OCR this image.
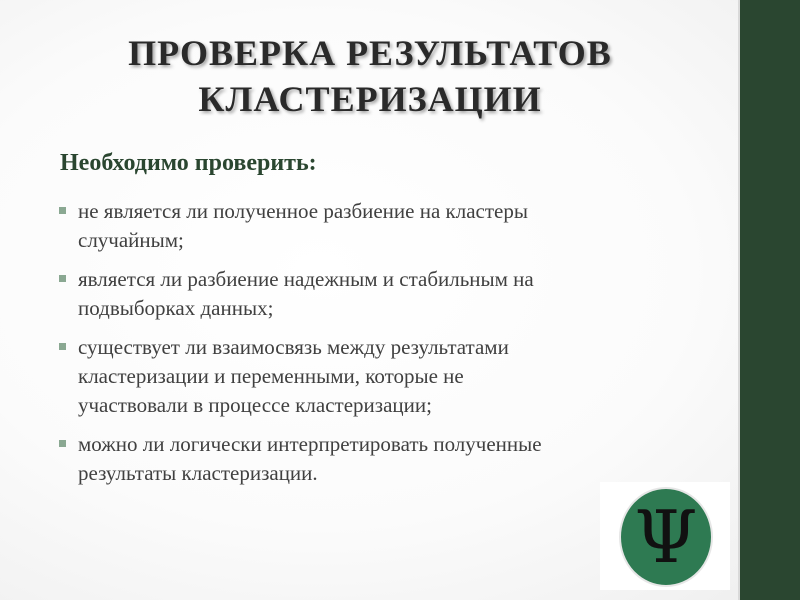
ПРОВЕРКА РЕЗУЛЬТАТОВ
КЛАСТЕРИЗАЦИИ
Необходимо проверить:
не является ли полученное разбиение на кластеры
случайным;
является ли разбиение надежным и стабильным на
подвыборках данных;
существует ли взаимосвязь между результатами
кластеризации и переменными, которые не
участвовали в процессе кластеризации;
можно ли логически интерпретировать полученные
результаты кластеризации.
Ψ
